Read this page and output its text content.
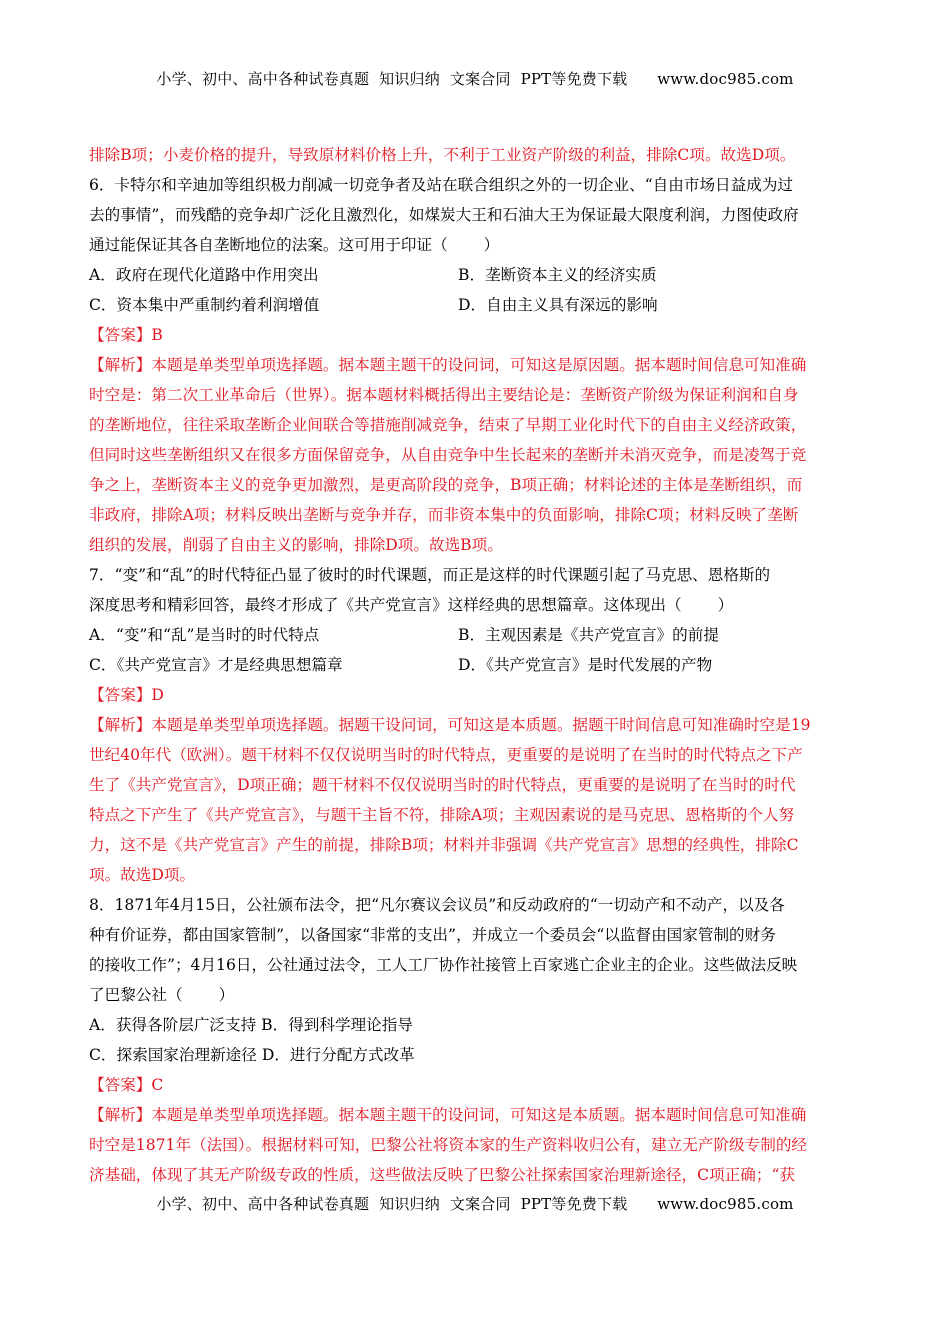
小学、初中、高中各种试卷真题  知识归纳  文案合同  PPT等免费下载      www.doc985.com
排除B项；小麦价格的提升，导致原材料价格上升，不利于工业资产阶级的利益，排除C项。故选D项。
6．卡特尔和辛迪加等组织极力削减一切竞争者及站在联合组织之外的一切企业、“自由市场日益成为过
去的事情”，而残酷的竞争却广泛化且激烈化，如煤炭大王和石油大王为保证最大限度利润，力图使政府
通过能保证其各自垄断地位的法案。这可用于印证（ ）
A．政府在现代化道路中作用突出	B．垄断资本主义的经济实质
C．资本集中严重制约着利润增值	D．自由主义具有深远的影响
【答案】B
【解析】本题是单类型单项选择题。据本题主题干的设问词，可知这是原因题。据本题时间信息可知准确
时空是：第二次工业革命后（世界）。据本题材料概括得出主要结论是：垄断资产阶级为保证利润和自身
的垄断地位，往往采取垄断企业间联合等措施削减竞争，结束了早期工业化时代下的自由主义经济政策，
但同时这些垄断组织又在很多方面保留竞争，从自由竞争中生长起来的垄断并未消灭竞争，而是凌驾于竞
争之上，垄断资本主义的竞争更加激烈，是更高阶段的竞争，B项正确；材料论述的主体是垄断组织，而
非政府，排除A项；材料反映出垄断与竞争并存，而非资本集中的负面影响，排除C项；材料反映了垄断
组织的发展，削弱了自由主义的影响，排除D项。故选B项。
7．“变”和“乱”的时代特征凸显了彼时的时代课题，而正是这样的时代课题引起了马克思、恩格斯的
深度思考和精彩回答，最终才形成了《共产党宣言》这样经典的思想篇章。这体现出（ ）
A．“变”和“乱”是当时的时代特点	B．主观因素是《共产党宣言》的前提
C．《共产党宣言》才是经典思想篇章	D．《共产党宣言》是时代发展的产物
【答案】D
【解析】本题是单类型单项选择题。据题干设问词，可知这是本质题。据题干时间信息可知准确时空是19
世纪40年代（欧洲）。题干材料不仅仅说明当时的时代特点，更重要的是说明了在当时的时代特点之下产
生了《共产党宣言》，D项正确；题干材料不仅仅说明当时的时代特点，更重要的是说明了在当时的时代
特点之下产生了《共产党宣言》，与题干主旨不符，排除A项；主观因素说的是马克思、恩格斯的个人努
力，这不是《共产党宣言》产生的前提，排除B项；材料并非强调《共产党宣言》思想的经典性，排除C
项。故选D项。
8．1871年4月15日，公社颁布法令，把“凡尔赛议会议员”和反动政府的“一切动产和不动产，以及各
种有价证券，都由国家管制”，以备国家“非常的支出”，并成立一个委员会“以监督由国家管制的财务
的接收工作”；4月16日，公社通过法令，工人工厂协作社接管上百家逃亡企业主的企业。这些做法反映
了巴黎公社（ ）
A．获得各阶层广泛支持 B．得到科学理论指导
C．探索国家治理新途径 D．进行分配方式改革
【答案】C
【解析】本题是单类型单项选择题。据本题主题干的设问词，可知这是本质题。据本题时间信息可知准确
时空是1871年（法国）。根据材料可知，巴黎公社将资本家的生产资料收归公有，建立无产阶级专制的经
济基础，体现了其无产阶级专政的性质，这些做法反映了巴黎公社探索国家治理新途径，C项正确；“获
小学、初中、高中各种试卷真题  知识归纳  文案合同  PPT等免费下载      www.doc985.com
